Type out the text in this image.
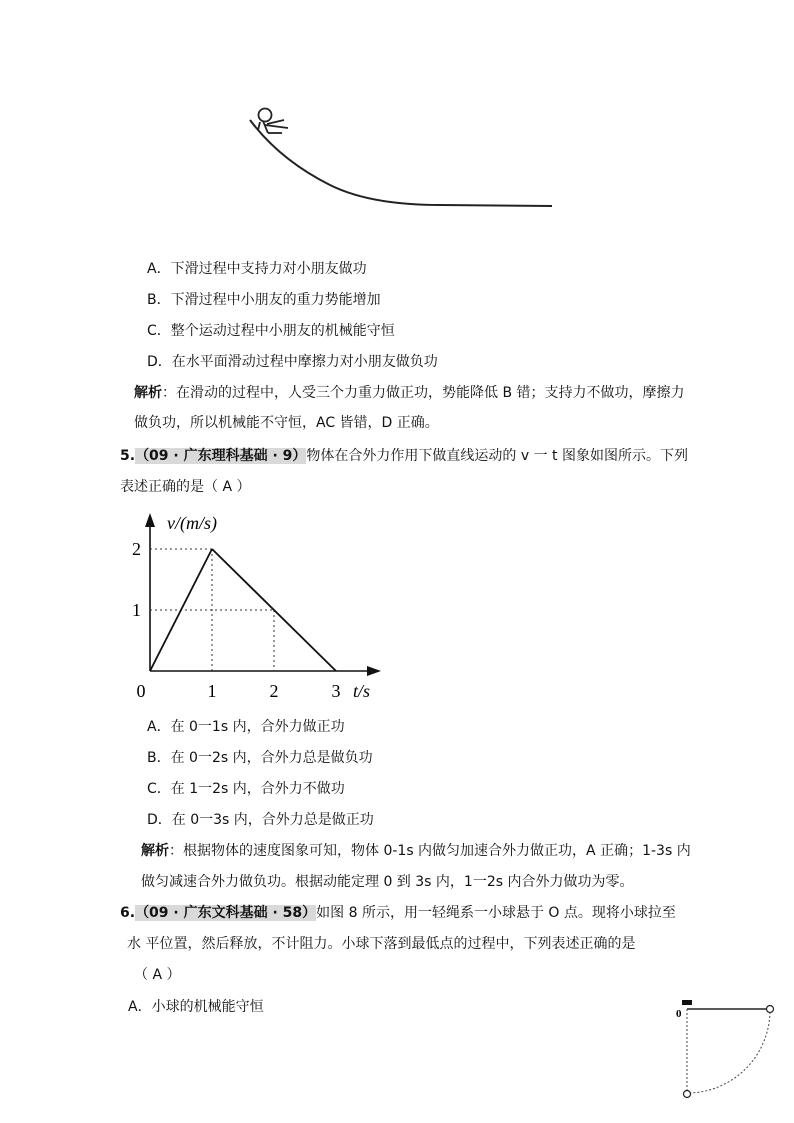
A．下滑过程中支持力对小朋友做功
B．下滑过程中小朋友的重力势能增加
C．整个运动过程中小朋友的机械能守恒
D．在水平面滑动过程中摩擦力对小朋友做负功
解析：在滑动的过程中，人受三个力重力做正功，势能降低 B 错；支持力不做功，摩擦力
做负功，所以机械能不守恒，AC 皆错，D 正确。
5.（09 · 广东理科基础 · 9）物体在合外力作用下做直线运动的 v 一 t 图象如图所示。下列
表述正确的是（ A ）
0	1	2	3
1
2
v/(m/s)
t/s
A．在 0一1s 内，合外力做正功
B．在 0一2s 内，合外力总是做负功
C．在 1一2s 内，合外力不做功
D．在 0一3s 内，合外力总是做正功
解析：根据物体的速度图象可知，物体 0-1s 内做匀加速合外力做正功，A 正确；1-3s 内
做匀减速合外力做负功。根据动能定理 0 到 3s 内，1一2s 内合外力做功为零。
6.（09 · 广东文科基础 · 58）如图 8 所示，用一轻绳系一小球悬于 O 点。现将小球拉至
水 平位置，然后释放，不计阻力。小球下落到最低点的过程中，下列表述正确的是
（ A ）
A．小球的机械能守恒	0
